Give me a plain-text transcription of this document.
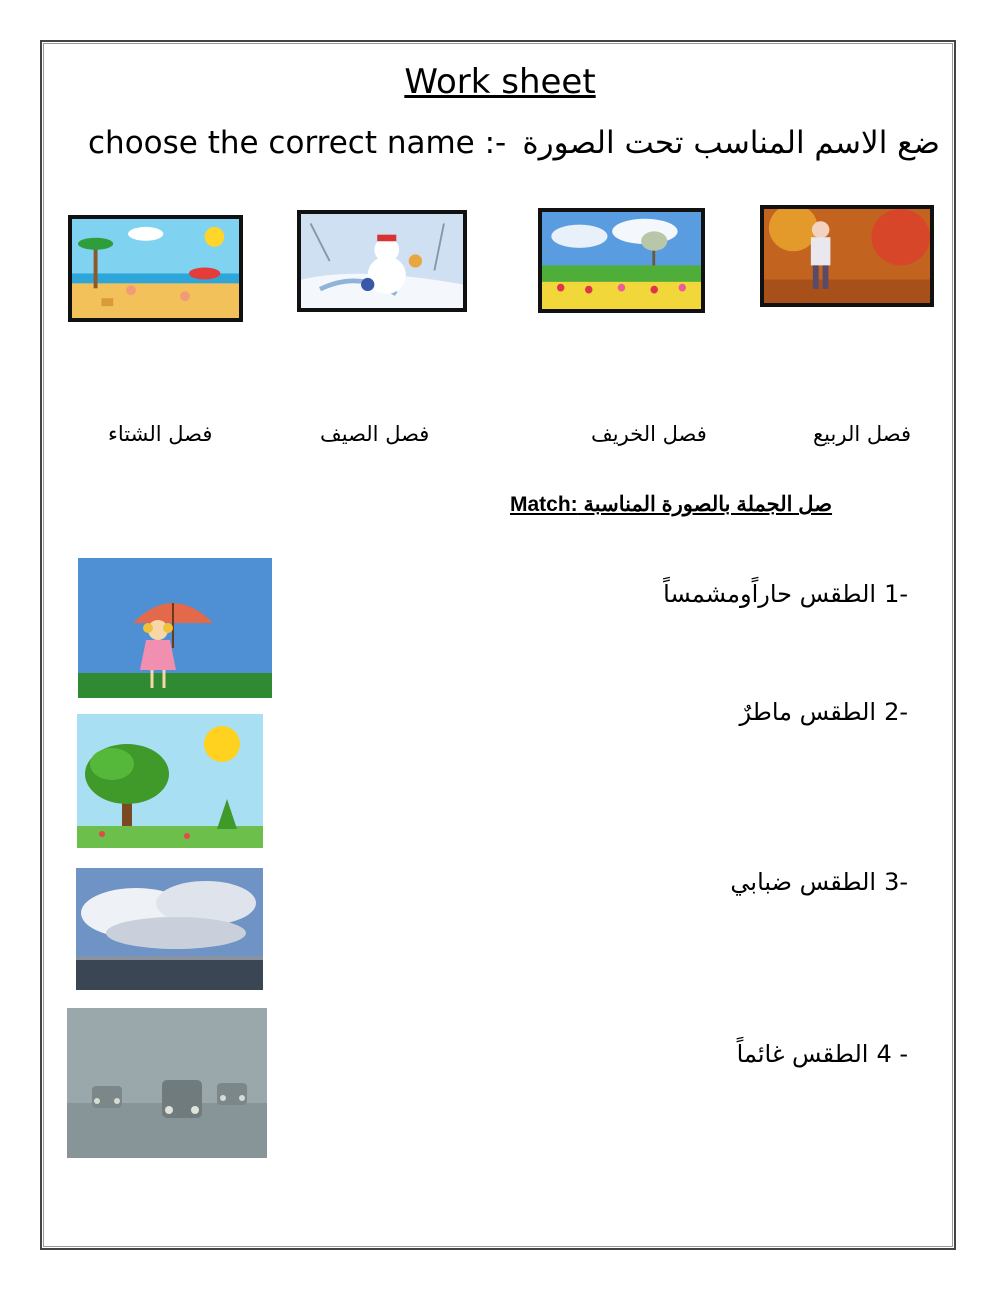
Work sheet
choose the correct name :- ضع الاسم المناسب تحت الصورة
فصل الشتاء	فصل الصيف	فصل الخريف	فصل الربيع
Match: صل الجملة بالصورة المناسبة
الطقس حاراًومشمساً 1-
الطقس ماطرٌ 2-
الطقس ضبابي 3-
الطقس غائماً 4 -
